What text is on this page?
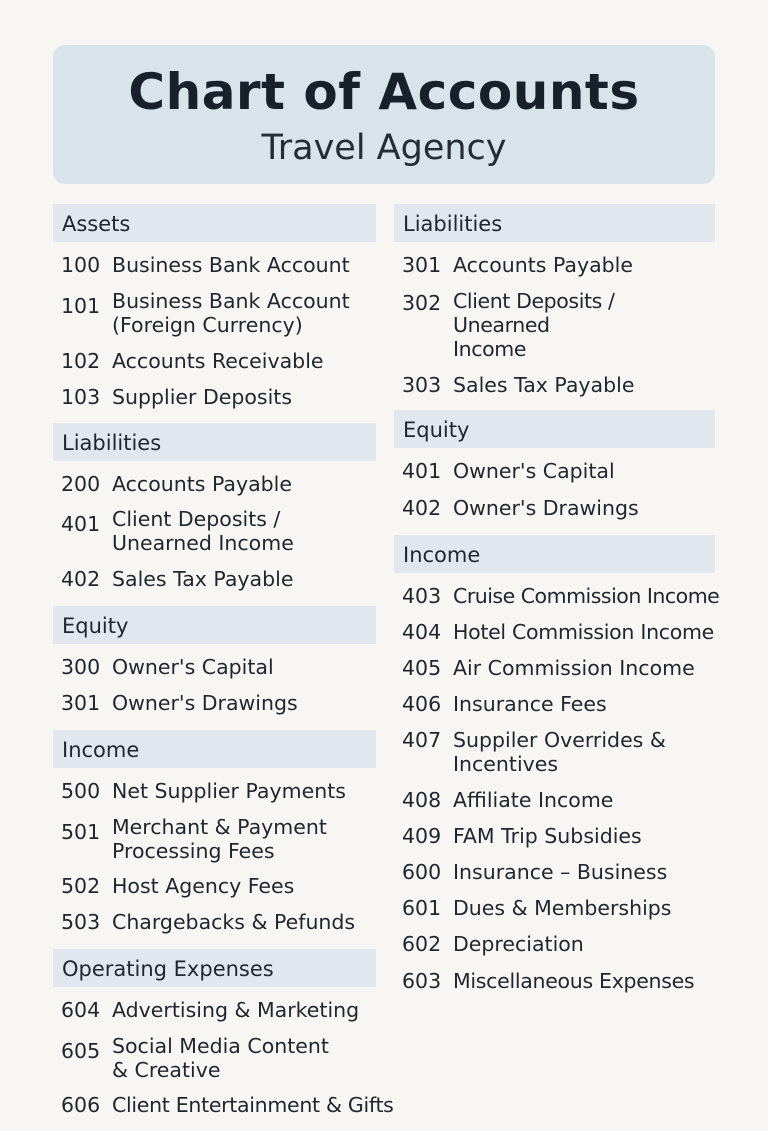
Chart of Accounts
Travel Agency
Assets
100 Business Bank Account
101 Business Bank Account
(Foreign Currency)
102 Accounts Receivable
103 Supplier Deposits
Liabilities
200 Accounts Payable
401 Client Deposits /
Unearned Income
402 Sales Tax Payable
Equity
300 Owner's Capital
301 Owner's Drawings
Income
500 Net Supplier Payments
501 Merchant & Payment
Processing Fees
502 Host Agency Fees
503 Chargebacks & Pefunds
Operating Expenses
604 Advertising & Marketing
605 Social Media Content
& Creative
606 Client Entertainment & Gifts
Liabilities
301 Accounts Payable
302 Client Deposits / Unearned
Income
303 Sales Tax Payable
Equity
401 Owner's Capital
402 Owner's Drawings
Income
403 Cruise Commission Income
404 Hotel Commission Income
405 Air Commission Income
406 Insurance Fees
407 Suppiler Overrides &
Incentives
408 Affiliate Income
409 FAM Trip Subsidies
600 Insurance – Business
601 Dues & Memberships
602 Depreciation
603 Miscellaneous Expenses
